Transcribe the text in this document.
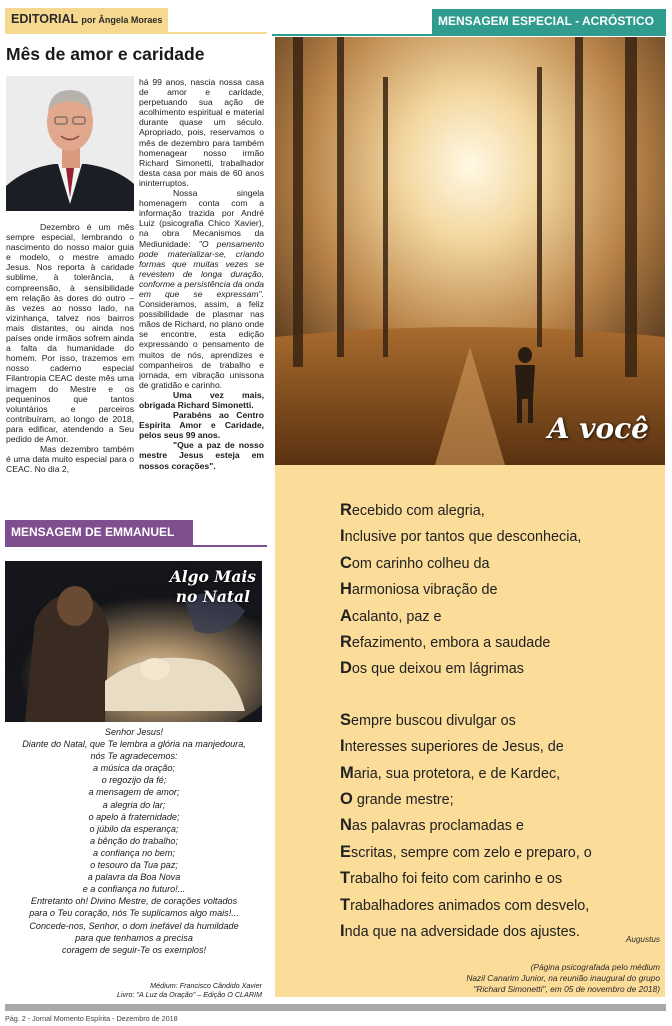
EDITORIAL por Ângela Moraes
Mês de amor e caridade

Dezembro é um mês sempre especial, lembrando o nascimento do nosso maior guia e modelo, o mestre amado Jesus. Nos reporta à caridade sublime, à tolerância, à compreensão, à sensibilidade em relação às dores do outro – às vezes ao nosso lado, na vizinhança, talvez nos bairros mais distantes, ou ainda nos países onde irmãos sofrem ainda a falta da humanidade do homem. Por isso, trazemos em nosso caderno especial Filantropia CEAC deste mês uma imagem do Mestre e os pequeninos que tantos voluntários e parceiros contribuíram, ao longo de 2018, para edificar, atendendo a Seu pedido de Amor.

Mas dezembro também é uma data muito especial para o CEAC. No dia 2,

há 99 anos, nascia nossa casa de amor e caridade, perpetuando sua ação de acolhimento espiritual e material durante quase um século. Apropriado, pois, reservamos o mês de dezembro para também homenagear nosso irmão Richard Simonetti, trabalhador desta casa por mais de 60 anos ininterruptos.

Nossa singela homenagem conta com a informação trazida por André Luiz (psicografia Chico Xavier), na obra Mecanismos da Mediunidade: "O pensamento pode materializar-se, criando formas que muitas vezes se revestem de longa duração, conforme a persistência da onda em que se expressam". Consideramos, assim, a feliz possibilidade de plasmar nas mãos de Richard, no plano onde se encontre, esta edição expressando o pensamento de muitos de nós, aprendizes e companheiros de trabalho e jornada, em vibração unissona de gratidão e carinho.

Uma vez mais, obrigada Richard Simonetti.

Parabéns ao Centro Espírita Amor e Caridade, pelos seus 99 anos.

"Que a paz de nosso mestre Jesus esteja em nossos corações".

MENSAGEM DE EMMANUEL
Algo Mais
no Natal
Senhor Jesus!
Diante do Natal, que Te lembra a glória na manjedoura,
nós Te agradecemos:
a música da oração;
o regozijo da fé;
a mensagem de amor;
a alegria do lar;
o apelo à fraternidade;
o júbilo da esperança;
a bênção do trabalho;
a confiança no bem;
o tesouro da Tua paz;
a palavra da Boa Nova
e a confiança no futuro!...
Entretanto oh! Divino Mestre, de corações voltados
para o Teu coração, nós Te suplicamos algo mais!...
Concede-nos, Senhor, o dom inefável da humildade
para que tenhamos a precisa
coragem de seguir-Te os exemplos!
Médium: Francisco Cândido Xavier
Livro: "A Luz da Oração" – Edição O CLARIM
MENSAGEM ESPECIAL - ACRÓSTICO
A você
Recebido com alegria,
Inclusive por tantos que desconhecia,
Com carinho colheu da
Harmoniosa vibração de
Acalanto, paz e
Refazimento, embora a saudade
Dos que deixou em lágrimas
Sempre buscou divulgar os
Interesses superiores de Jesus, de
Maria, sua protetora, e de Kardec,
O grande mestre;
Nas palavras proclamadas e
Escritas, sempre com zelo e preparo, o
Trabalho foi feito com carinho e os
Trabalhadores animados com desvelo,
Inda que na adversidade dos ajustes.	Augustus
(Página psicografada pelo médium
Nazil Canarim Junior, na reunião inaugural do grupo
"Richard Simonetti", em 05 de novembro de 2018)
Pág. 2 - Jornal Momento Espírita - Dezembro de 2018
